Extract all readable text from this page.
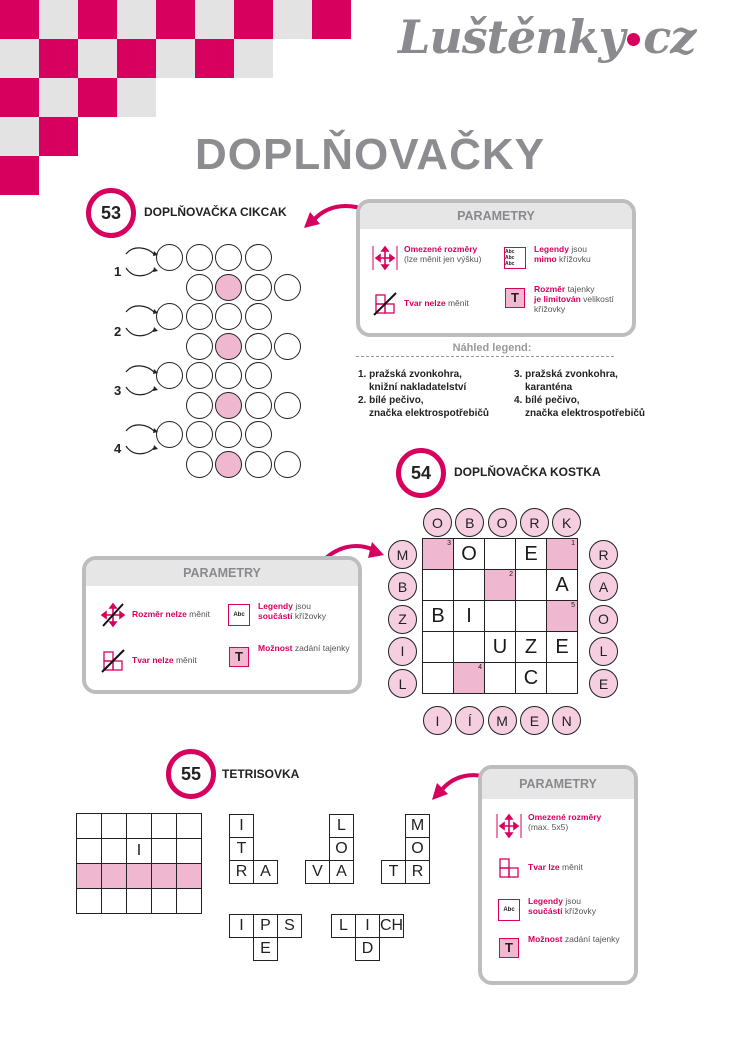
Luštěnky cz
DOPLŇOVAČKY
53 DOPLŇOVAČKA CIKCAK
1
2
3
4
PARAMETRY
Omezené rozměry
(lze měnit jen výšku)
Abc Abc Abc
Legendy jsou
mimo křížovku
Tvar nelze měnit	T
Rozměr tajenky
je limitován velikostí křížovky
Náhled legend:
1. pražská zvonkohra,
knižní nakladatelství
2. bílé pečivo,
značka elektrospotřebičů
3. pražská zvonkohra,
karanténa
4. bílé pečivo,
značka elektrospotřebičů
54 DOPLŇOVAČKA KOSTKA
O	B	O	R	K
I	Í	M	E	N
M
B
Z
I
L
R
A
O
L
E
3	O		E	1

		2		A
B	I			5

		U	Z	E

	4		C	
PARAMETRY
Rozměr nelze měnit	Abc
Legendy jsou
součástí křížovky
Tvar nelze měnit	T
Možnost zadání tajenky
55 TETRISOVKA

		I		

I
T
R A
L
O
A
V
M
O
T R
I	P S
E
L	I CH
D
PARAMETRY
Omezené rozměry
(max. 5x5)
Tvar lze měnit
Abc
Legendy jsou
součástí křížovky
T
Možnost zadání tajenky
